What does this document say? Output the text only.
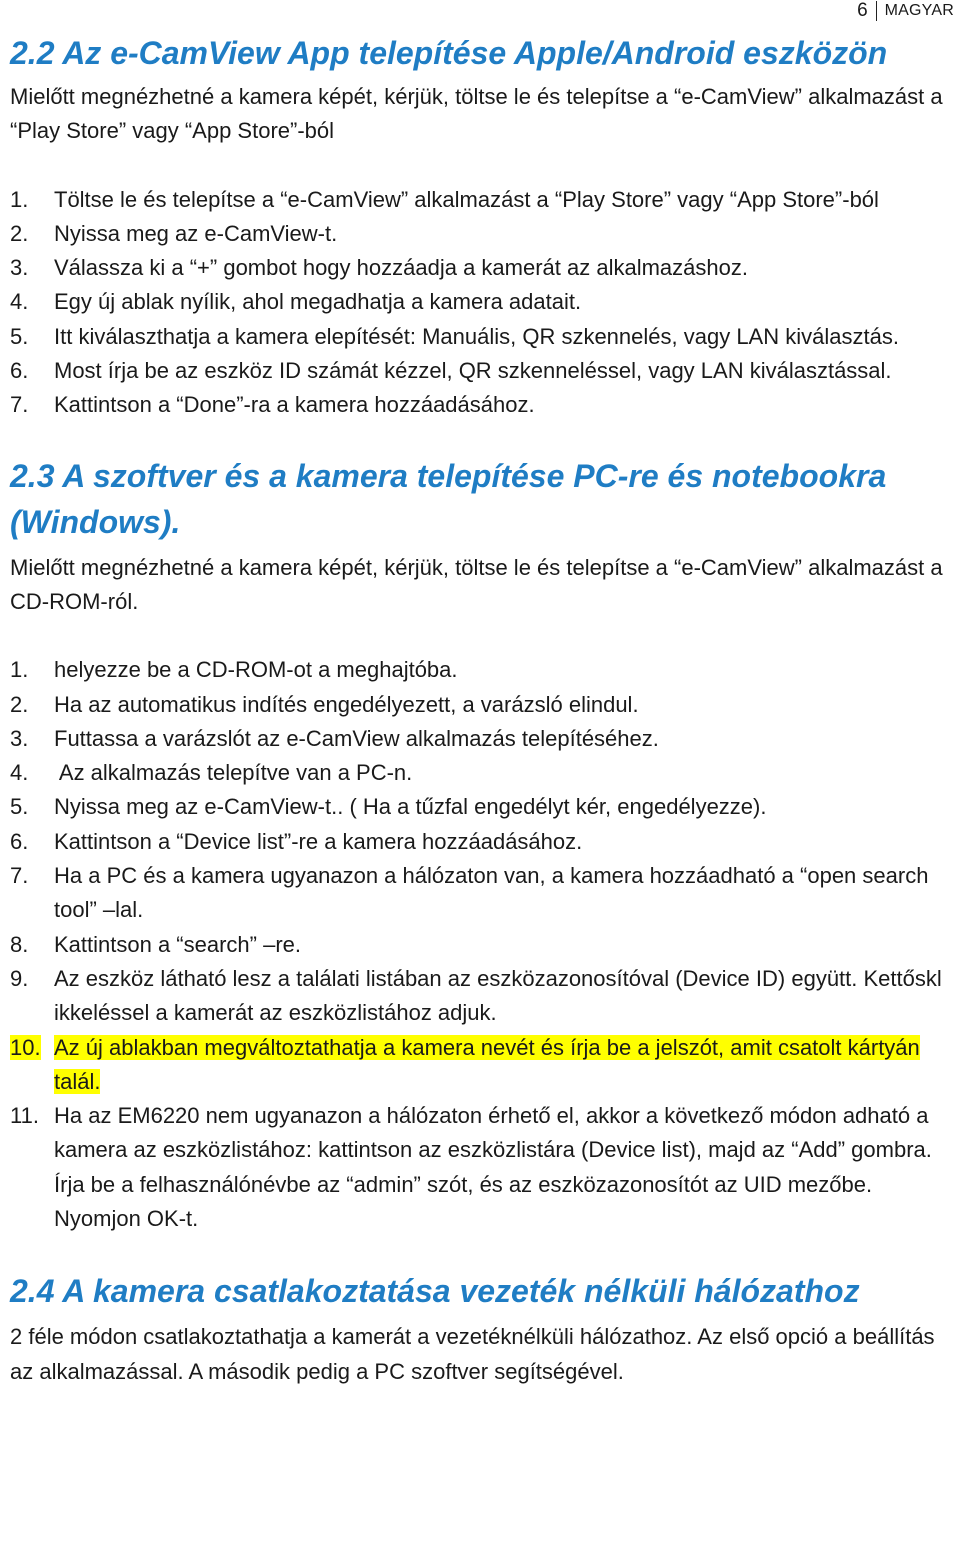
6	MAGYAR
2.2 Az e-CamView App telepítése Apple/Android eszközön

Mielőtt megnézhetné a kamera képét, kérjük, töltse le és telepítse a “e-CamView” alkalmazást a “Play Store” vagy “App Store”-ból

1.	Töltse le és telepítse a “e-CamView” alkalmazást a “Play Store” vagy “App Store”-ból
2.	Nyissa meg az e-CamView-t.
3.	Válassza ki a “+” gombot hogy hozzáadja a kamerát az alkalmazáshoz.
4.	Egy új ablak nyílik, ahol megadhatja a kamera adatait.
5.	Itt kiválaszthatja a kamera elepítését: Manuális, QR szkennelés, vagy LAN kiválasztás.
6.	Most írja be az eszköz ID számát kézzel, QR szkenneléssel, vagy LAN kiválasztással.
7.	Kattintson a “Done”-ra a kamera hozzáadásához.
2.3 A szoftver és a kamera telepítése PC-re és notebookra (Windows).

Mielőtt megnézhetné a kamera képét, kérjük, töltse le és telepítse a “e-CamView” alkalmazást a CD-ROM-ról.

1.	helyezze be a CD-ROM-ot a meghajtóba.
2.	Ha az automatikus indítés engedélyezett, a varázsló elindul.
3.	Futtassa a varázslót az e-CamView alkalmazás telepítéséhez.
4.	Az alkalmazás telepítve van a PC-n.
5.	Nyissa meg az e-CamView-t.. ( Ha a tűzfal engedélyt kér, engedélyezze).
6.	Kattintson a “Device list”-re a kamera hozzáadásához.
7.	Ha a PC és a kamera ugyanazon a hálózaton van, a kamera hozzáadható a “open search tool” –lal.
8.	Kattintson a “search” –re.
9.	Az eszköz látható lesz a találati listában az eszközazonosítóval (Device ID) együtt. Kettőskl ikkeléssel a kamerát az eszközlistához adjuk.
10. Az új ablakban megváltoztathatja a kamera nevét és írja be a jelszót, amit csatolt kártyán talál.
11. Ha az EM6220 nem ugyanazon a hálózaton érhető el, akkor a következő módon adható a kamera az eszközlistához: kattintson az eszközlistára (Device list), majd az “Add” gombra. Írja be a felhasználónévbe az “admin” szót, és az eszközazonosítót az UID mezőbe. Nyomjon OK-t.
2.4 A kamera csatlakoztatása vezeték nélküli hálózathoz

2 féle módon csatlakoztathatja a kamerát a vezetéknélküli hálózathoz. Az első opció a beállítás az alkalmazással. A második pedig a PC szoftver segítségével.
